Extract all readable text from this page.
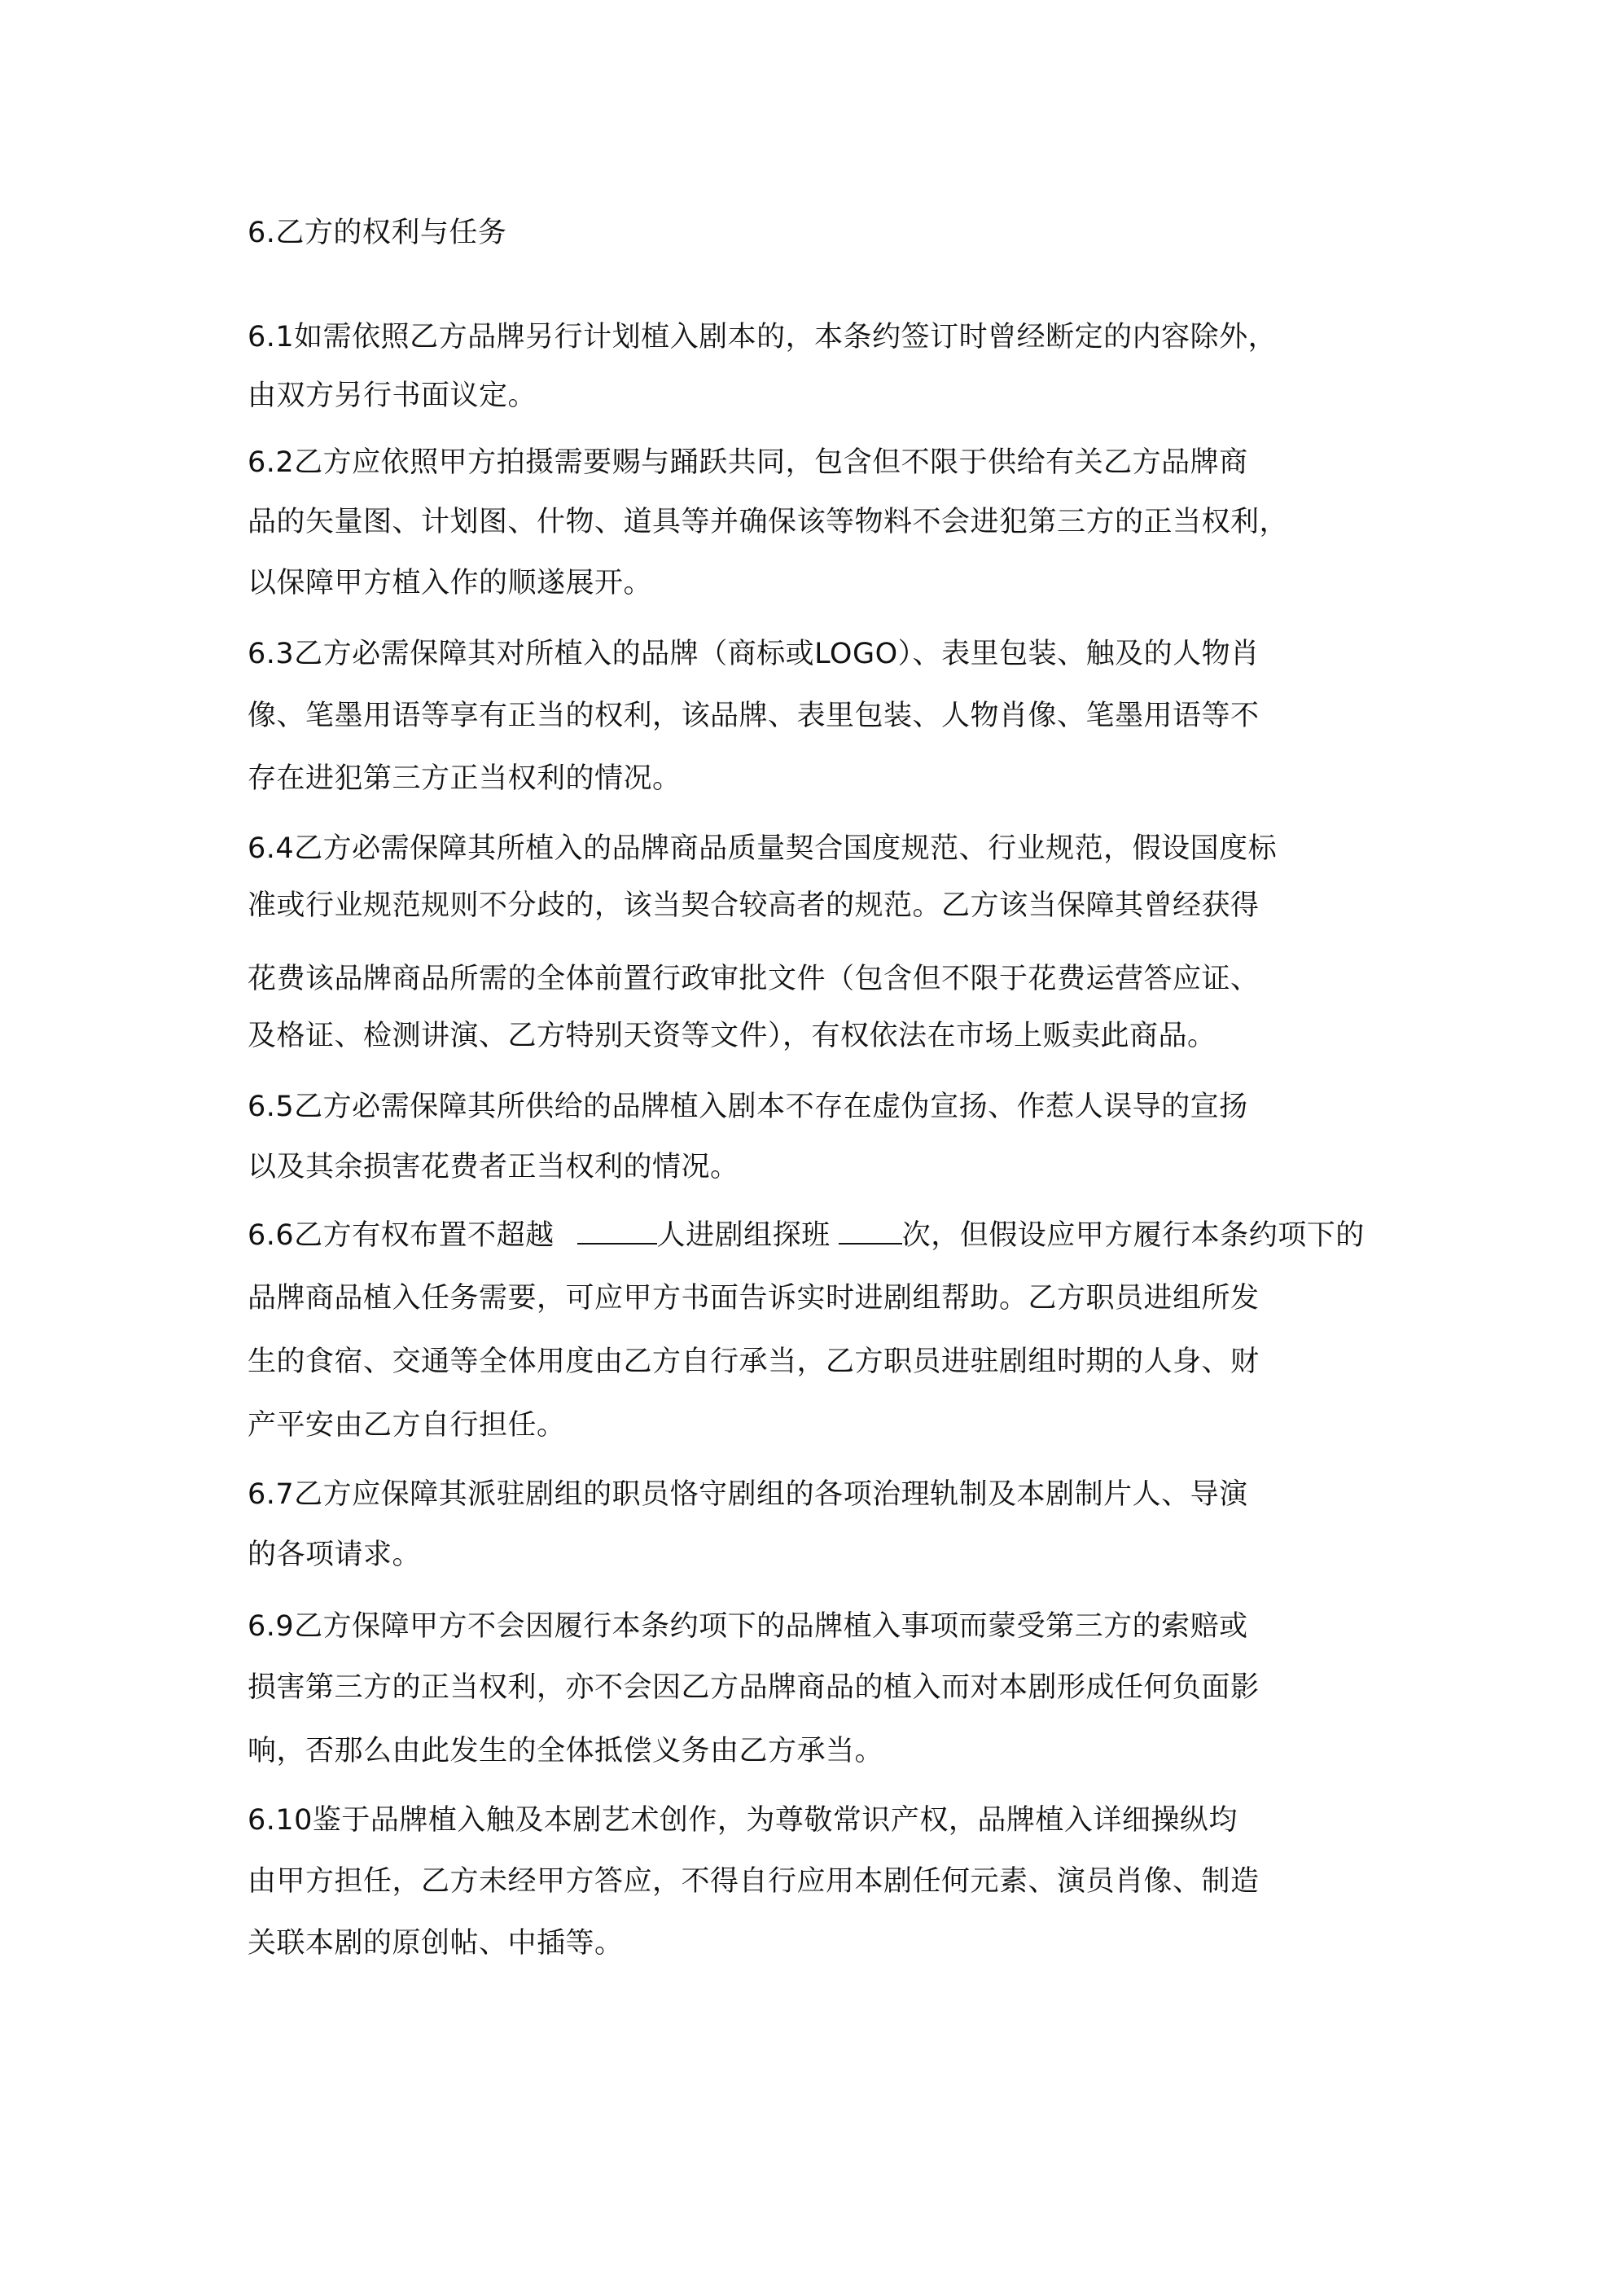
6.乙方的权利与任务
6.1如需依照乙方品牌另行计划植入剧本的，本条约签订时曾经断定的内容除外，
由双方另行书面议定。
6.2乙方应依照甲方拍摄需要赐与踊跃共同，包含但不限于供给有关乙方品牌商
品的矢量图、计划图、什物、道具等并确保该等物料不会进犯第三方的正当权利，
以保障甲方植入作的顺遂展开。
6.3乙方必需保障其对所植入的品牌（商标或LOGO）、表里包装、触及的人物肖
像、笔墨用语等享有正当的权利，该品牌、表里包装、人物肖像、笔墨用语等不
存在进犯第三方正当权利的情况。
6.4乙方必需保障其所植入的品牌商品质量契合国度规范、行业规范，假设国度标
准或行业规范规则不分歧的，该当契合较高者的规范。乙方该当保障其曾经获得
花费该品牌商品所需的全体前置行政审批文件（包含但不限于花费运营答应证、
及格证、检测讲演、乙方特别天资等文件），有权依法在市场上贩卖此商品。
6.5乙方必需保障其所供给的品牌植入剧本不存在虚伪宣扬、作惹人误导的宣扬
以及其余损害花费者正当权利的情况。
6.6乙方有权布置不超越	人进剧组探班	次，但假设应甲方履行本条约项下的
品牌商品植入任务需要，可应甲方书面告诉实时进剧组帮助。乙方职员进组所发
生的食宿、交通等全体用度由乙方自行承当，乙方职员进驻剧组时期的人身、财
产平安由乙方自行担任。
6.7乙方应保障其派驻剧组的职员恪守剧组的各项治理轨制及本剧制片人、导演
的各项请求。
6.9乙方保障甲方不会因履行本条约项下的品牌植入事项而蒙受第三方的索赔或
损害第三方的正当权利，亦不会因乙方品牌商品的植入而对本剧形成任何负面影
响，否那么由此发生的全体抵偿义务由乙方承当。
6.10鉴于品牌植入触及本剧艺术创作，为尊敬常识产权，品牌植入详细操纵均
由甲方担任，乙方未经甲方答应，不得自行应用本剧任何元素、演员肖像、制造
关联本剧的原创帖、中插等。
